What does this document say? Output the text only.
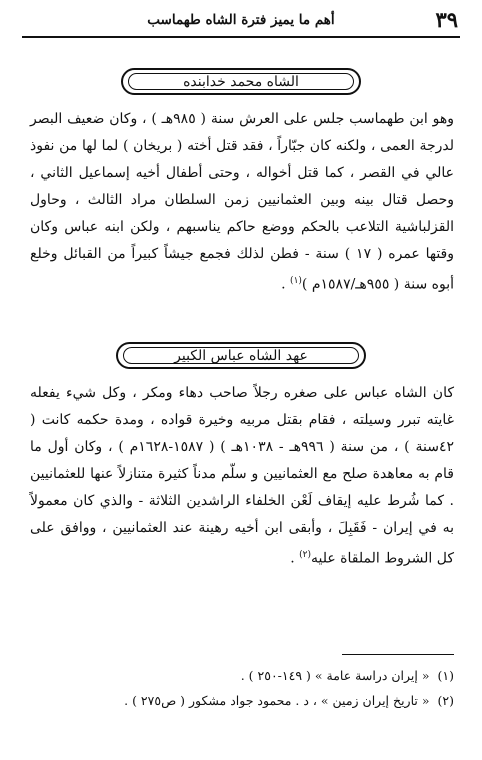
٣٩
أهم ما يميز فترة الشاه طهماسب
الشاه محمد خدابنده
وهو ابن طهماسب جلس على العرش سنة ( ٩٨٥هـ ) ، وكان ضعيف البصر لدرجة العمى ، ولكنه كان جبّاراً ، فقد قتل أخته ( بريخان ) لما لها من نفوذ عالي في القصر ، كما قتل أخواله ، وحتى أطفال أخيه إسماعيل الثاني ، وحصل قتال بينه وبين العثمانيين زمن السلطان مراد الثالث ، وحاول القزلباشية التلاعب بالحكم ووضع حاكم يناسبهم ، ولكن ابنه عباس وكان وقتها عمره ( ١٧ ) سنة - فطن لذلك فجمع جيشاً كبيراً من القبائل وخلع أبوه سنة ( ٩٥٥هـ/١٥٨٧م )$^{(١)}$ .
عهد الشاه عباس الكبير
كان الشاه عباس على صغره رجلاً صاحب دهاء ومكر ، وكل شيء يفعله غايته تبرر وسيلته ، فقام بقتل مربيه وخيرة قواده ، ومدة حكمه كانت ( ٤٢سنة ) ، من سنة ( ٩٩٦هـ - ١٠٣٨هـ ) ( ١٥٨٧-١٦٢٨م ) ، وكان أول ما قام به معاهدة صلح مع العثمانيين و سلّم مدناً كثيرة متنازلاً عنها للعثمانيين . كما شُرط عليه إيقاف لَعْن الخلفاء الراشدين الثلاثة - والذي كان معمولاً به في إيران - فَقَبِلَ ، وأبقى ابن أخيه رهينة عند العثمانيين ، ووافق على كل الشروط الملقاة عليه$^{(٢)}$ .
(١)
« إيران دراسة عامة » ( ١٤٩-٢٥٠ ) .
(٢)
« تاريخ إيران زمين » ، د . محمود جواد مشكور ( ص٢٧٥ ) .
